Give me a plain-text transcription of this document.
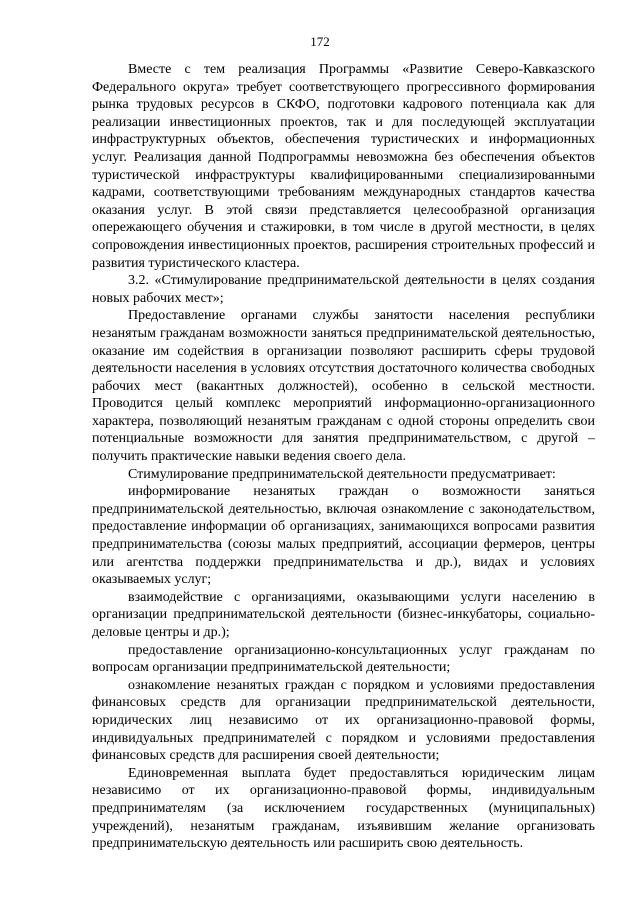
172

Вместе с тем реализация Программы «Развитие Северо-Кавказского Федерального округа» требует соответствующего прогрессивного формирования рынка трудовых ресурсов в СКФО, подготовки кадрового потенциала как для реализации инвестиционных проектов, так и для последующей эксплуатации инфраструктурных объектов, обеспечения туристических и информационных услуг. Реализация данной Подпрограммы невозможна без обеспечения объектов туристической инфраструктуры квалифицированными специализированными кадрами, соответствующими требованиям международных стандартов качества оказания услуг. В этой связи представляется целесообразной организация опережающего обучения и стажировки, в том числе в другой местности, в целях сопровождения инвестиционных проектов, расширения строительных профессий и развития туристического кластера.

3.2. «Стимулирование предпринимательской деятельности в целях создания новых рабочих мест»;

Предоставление органами службы занятости населения республики незанятым гражданам возможности заняться предпринимательской деятельностью, оказание им содействия в организации позволяют расширить сферы трудовой деятельности населения в условиях отсутствия достаточного количества свободных рабочих мест (вакантных должностей), особенно в сельской местности. Проводится целый комплекс мероприятий информационно-организационного характера, позволяющий незанятым гражданам с одной стороны определить свои потенциальные возможности для занятия предпринимательством, с другой – получить практические навыки ведения своего дела.

Стимулирование предпринимательской деятельности предусматривает:

информирование незанятых граждан о возможности заняться предпринимательской деятельностью, включая ознакомление с законодательством, предоставление информации об организациях, занимающихся вопросами развития предпринимательства (союзы малых предприятий, ассоциации фермеров, центры или агентства поддержки предпринимательства и др.), видах и условиях оказываемых услуг;

взаимодействие с организациями, оказывающими услуги населению в организации предпринимательской деятельности (бизнес-инкубаторы, социально-деловые центры и др.);

предоставление организационно-консультационных услуг гражданам по вопросам организации предпринимательской деятельности;

ознакомление незанятых граждан с порядком и условиями предоставления финансовых средств для организации предпринимательской деятельности, юридических лиц независимо от их организационно-правовой формы, индивидуальных предпринимателей с порядком и условиями предоставления финансовых средств для расширения своей деятельности;

Единовременная выплата будет предоставляться юридическим лицам независимо от их организационно-правовой формы, индивидуальным предпринимателям (за исключением государственных (муниципальных) учреждений), незанятым гражданам, изъявившим желание организовать предпринимательскую деятельность или расширить свою деятельность.
